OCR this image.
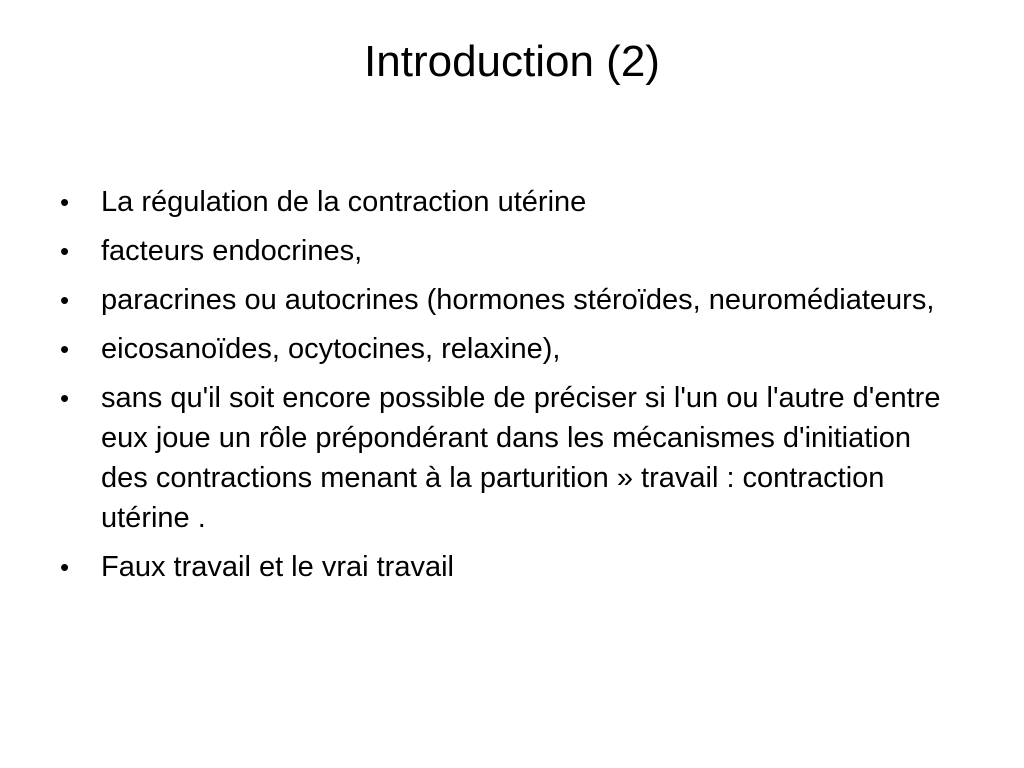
Introduction (2)
•	La régulation de la contraction utérine
•	facteurs endocrines,
•	paracrines ou autocrines (hormones stéroïdes, neuromédiateurs,
•	eicosanoïdes, ocytocines, relaxine),
•	sans qu'il soit encore possible de préciser si l'un ou l'autre d'entre eux joue un rôle prépondérant dans les mécanismes d'initiation des contractions menant à la parturition » travail : contraction utérine .
•	Faux travail et le vrai travail
